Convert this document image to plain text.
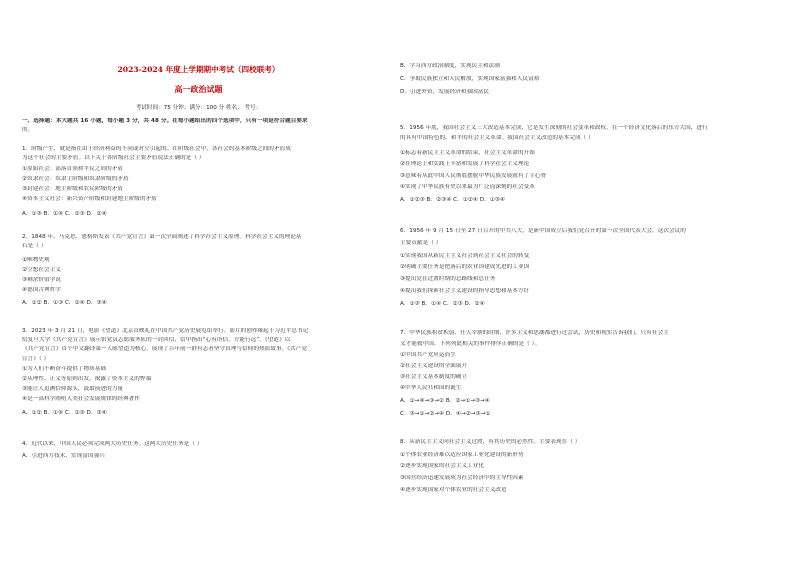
2023-2024 年度上学期期中考试（四校联考）
高一政治试题
考试时间：75 分钟；满分：100 分 姓名： 考号：
一、选择题：本大题共 16 小题，每小题 3 分，共 48 分。在每小题给出的四个选项中，只有一项是符合题目要求
的。
1．阶级产生，就是指在由于经济利益的不同或对立引起的。在阶级社会中，各社会的基本阶级之间的矛盾成
为这个社会的主要矛盾。以下关于各阶级社会主要矛盾说法正确的是（ ）
①原始社会：部落首领和平民之间的矛盾
②奴隶社会：奴隶主阶级和奴隶阶级的矛盾
③封建社会：地主阶级和农民阶级的矛盾
④资本主义社会：新兴资产阶级和封建地主阶级的矛盾
A．①③ B．①④ C．②③ D．②④
2．1848 年，马克思、恩格斯发表《共产党宣言》第一次全面阐述了科学社会主义原理。科学社会主义的理论基
石是（ ）
①唯物史观
②空想社会主义
③剩余价值学说
④德国古典哲学
A．①② B．①③ C．②④ D．③④
3．2023 年 3 月 21 日，电影《望道》北京首映礼在中国共产党历史展览馆举行。影片的创作缘起于习近平总书记
给复旦大学《共产党宣言》展示馆党员志愿服务队的一封回信，信中指出“心有所信，方能行远”。《望道》以
《共产党宣言》首个中文翻译第一人陈望道为核心，展现了百年前一群有志者坚守真理与信仰的热血故事。《共产党
宣言》（ ）
①为人们不断奋斗提供了物质基础
②从理性、正义等原则出发，揭露了资本主义的弊端
③能让人追溯信仰源头，汲取前进的力量
④是一部科学阐明人类社会发展规律的经典著作
A．①② B．①④ C．②③ D．③④
4．近代以来，中国人民必须完成两大历史任务。这两大历史任务是（ ）
A．引进西方技术，实现富国强兵
B．学习西方政治制度，实现民主和法制
C．争取民族独立和人民解放，实现国家富强和人民富裕
D．引进外资，发展经济和强国富民
5．1956 年底，我国社会主义三大改造基本完成，它是发生深刻的社会变革和政权。在一个经济文化落后的东方大国，进行
的具有中国特色的、和平的社会主义革命。我国社会主义改造的基本完成（ ）
①标志着新民主主义革命的结束，社会主义革命的开始
②在理论上和实践上丰富和发展了科学社会主义理论
③意味着从此中国人民彻底摆脱中华民族发展就有了主心骨
④实现了中华民族有史以来最为广泛而深刻的社会变革
A．①②③ B．②③④ C．①②④ D．①③④
6．1956 年 9 月 15 日至 27 日召开的中共八大，是新中国成立后我们党召开的第一次全国代表大会。这次会议的
主要贡献是（ ）
①实现我国从新民主主义社会到社会主义社会的转变
②明确主要任务是把落后的农业国建成先进的工业国
③提出党在过渡时期的总路线和总任务
④提出我们探索社会主义建设的指导思想和基本方针
A．①③ B．①④ C．②③ D．②④
7．中华民族积贫积弱、任人宰割的时期，许多主义和思潮都进行过尝试，历史和现实告诉我们，只有社会主
义才能救中国。下列列此相关的事件排序正确的是（ ）。
①中国共产党应运而生
②社会主义建设的全面展开
③社会主义基本制度的确立
④中华人民共和国的诞生
A．①→④→③→② B．②→①→③→④
C．③→①→②→④ D．④→②→③→①
8．从新民主主义向社会主义过渡，有其历史的必然性，主要表现在（ ）
①个体农业经济难以适应国家工业化建设的新形势
②逐步实现国家的社会主义工业化
③国营经济迅速发展成为社会经济中的主导性因素
④逐步实现国家对个体农业的社会主义改造
